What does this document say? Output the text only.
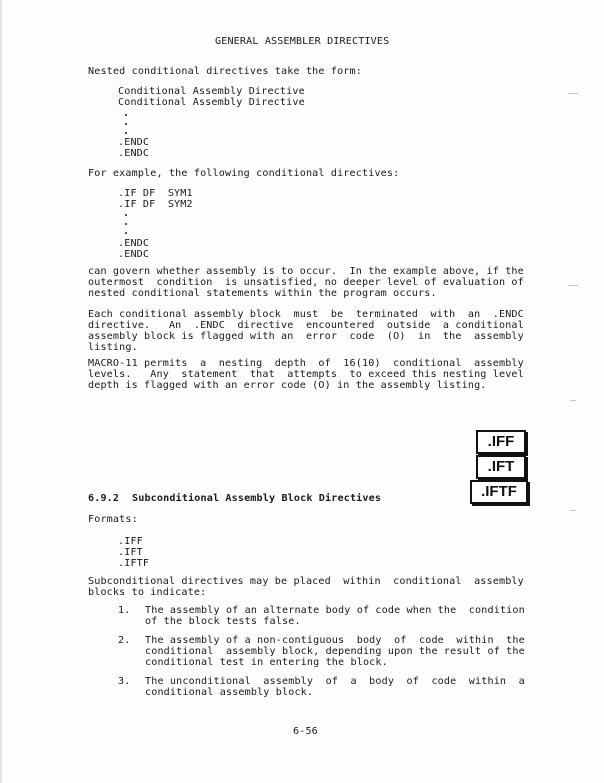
GENERAL ASSEMBLER DIRECTIVES
Nested conditional directives take the form:
Conditional Assembly Directive
Conditional Assembly Directive
.ENDC
.ENDC
For example, the following conditional directives:
.IF DF  SYM1
.IF DF  SYM2
.ENDC
.ENDC
can govern whether assembly is to occur.  In the example above, if the
outermost  condition  is unsatisfied, no deeper level of evaluation of
nested conditional statements within the program occurs.
Each conditional assembly block  must  be  terminated  with  an  .ENDC
directive.   An  .ENDC  directive  encountered  outside  a conditional
assembly block is flagged with an  error  code  (O)  in  the  assembly
listing.
MACRO-11 permits  a  nesting  depth  of  16(10)  conditional  assembly
levels.   Any  statement  that  attempts  to exceed this nesting level
depth is flagged with an error code (O) in the assembly listing.
.IFF
.IFT
.IFTF
6.9.2 Subconditional Assembly Block Directives
Formats:
.IFF
.IFT
.IFTF
Subconditional directives may be placed  within  conditional  assembly
blocks to indicate:
1. The assembly of an alternate body of code when the  condition
of the block tests false.
2. The assembly of a non-contiguous  body  of  code  within  the
conditional  assembly block, depending upon the result of the
conditional test in entering the block.
3. The unconditional  assembly  of  a  body  of  code  within  a
conditional assembly block.
6-56
